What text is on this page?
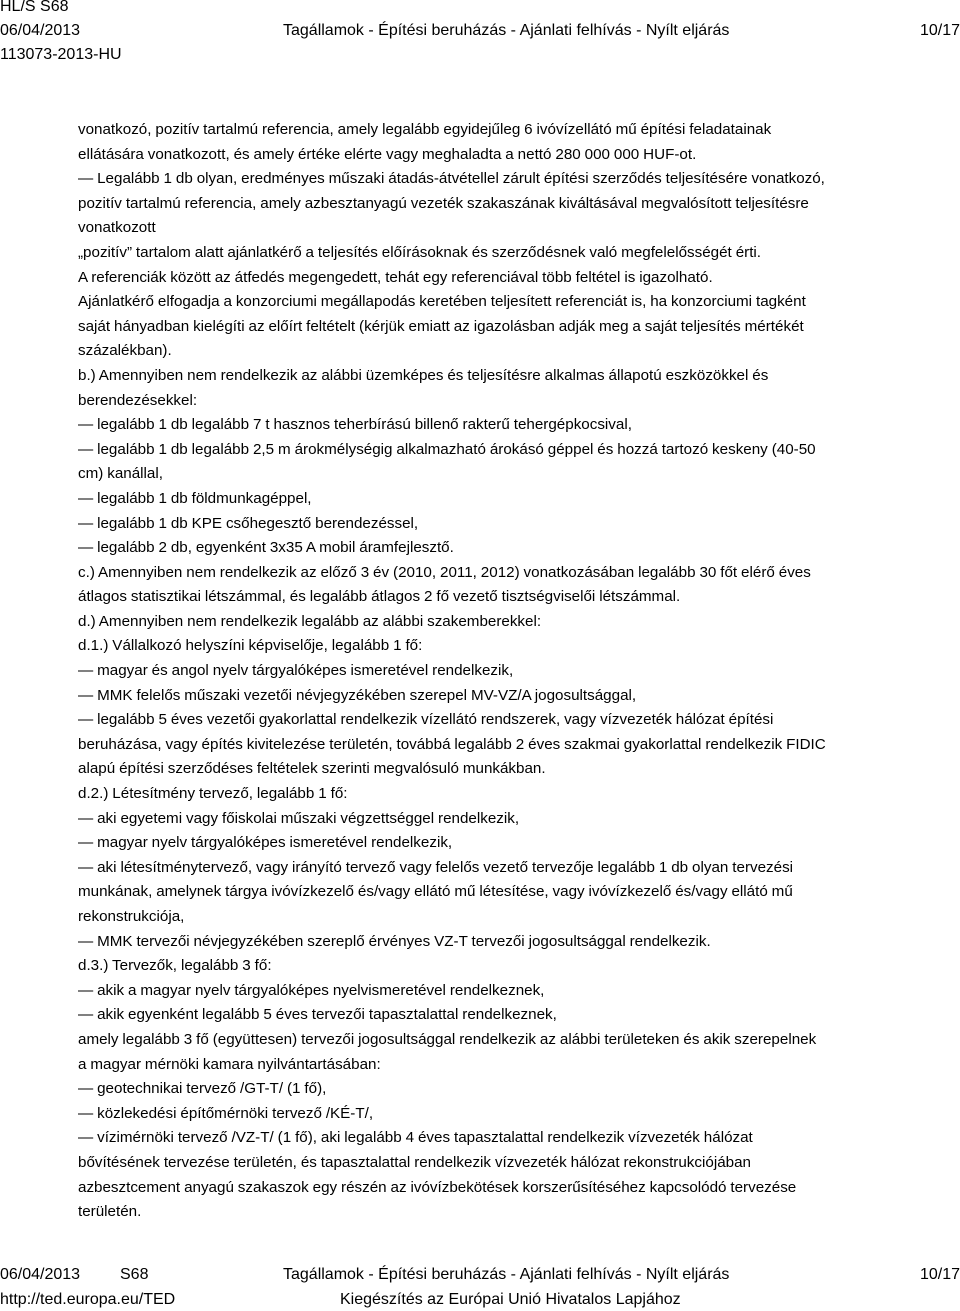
HL/S S68
06/04/2013	Tagállamok - Építési beruházás - Ajánlati felhívás - Nyílt eljárás	10/17
113073-2013-HU

vonatkozó, pozitív tartalmú referencia, amely legalább egyidejűleg 6 ivóvízellátó mű építési feladatainak

ellátására vonatkozott, és amely értéke elérte vagy meghaladta a nettó 280 000 000 HUF-ot.

— Legalább 1 db olyan, eredményes műszaki átadás-átvétellel zárult építési szerződés teljesítésére vonatkozó,

pozitív tartalmú referencia, amely azbesztanyagú vezeték szakaszának kiváltásával megvalósított teljesítésre

vonatkozott

„pozitív” tartalom alatt ajánlatkérő a teljesítés előírásoknak és szerződésnek való megfelelősségét érti.

A referenciák között az átfedés megengedett, tehát egy referenciával több feltétel is igazolható.

Ajánlatkérő elfogadja a konzorciumi megállapodás keretében teljesített referenciát is, ha konzorciumi tagként

saját hányadban kielégíti az előírt feltételt (kérjük emiatt az igazolásban adják meg a saját teljesítés mértékét

százalékban).

b.) Amennyiben nem rendelkezik az alábbi üzemképes és teljesítésre alkalmas állapotú eszközökkel és

berendezésekkel:

— legalább 1 db legalább 7 t hasznos teherbírású billenő rakterű tehergépkocsival,

— legalább 1 db legalább 2,5 m árokmélységig alkalmazható árokásó géppel és hozzá tartozó keskeny (40-50

cm) kanállal,

— legalább 1 db földmunkagéppel,

— legalább 1 db KPE csőhegesztő berendezéssel,

— legalább 2 db, egyenként 3x35 A mobil áramfejlesztő.

c.) Amennyiben nem rendelkezik az előző 3 év (2010, 2011, 2012) vonatkozásában legalább 30 főt elérő éves

átlagos statisztikai létszámmal, és legalább átlagos 2 fő vezető tisztségviselői létszámmal.

d.) Amennyiben nem rendelkezik legalább az alábbi szakemberekkel:

d.1.) Vállalkozó helyszíni képviselője, legalább 1 fő:

— magyar és angol nyelv tárgyalóképes ismeretével rendelkezik,

— MMK felelős műszaki vezetői névjegyzékében szerepel MV-VZ/A jogosultsággal,

— legalább 5 éves vezetői gyakorlattal rendelkezik vízellátó rendszerek, vagy vízvezeték hálózat építési

beruházása, vagy építés kivitelezése területén, továbbá legalább 2 éves szakmai gyakorlattal rendelkezik FIDIC

alapú építési szerződéses feltételek szerinti megvalósuló munkákban.

d.2.) Létesítmény tervező, legalább 1 fő:

— aki egyetemi vagy főiskolai műszaki végzettséggel rendelkezik,

— magyar nyelv tárgyalóképes ismeretével rendelkezik,

— aki létesítménytervező, vagy irányító tervező vagy felelős vezető tervezője legalább 1 db olyan tervezési

munkának, amelynek tárgya ivóvízkezelő és/vagy ellátó mű létesítése, vagy ivóvízkezelő és/vagy ellátó mű

rekonstrukciója,

— MMK tervezői névjegyzékében szereplő érvényes VZ-T tervezői jogosultsággal rendelkezik.

d.3.) Tervezők, legalább 3 fő:

— akik a magyar nyelv tárgyalóképes nyelvismeretével rendelkeznek,

— akik egyenként legalább 5 éves tervezői tapasztalattal rendelkeznek,

amely legalább 3 fő (együttesen) tervezői jogosultsággal rendelkezik az alábbi területeken és akik szerepelnek

a magyar mérnöki kamara nyilvántartásában:

— geotechnikai tervező /GT-T/ (1 fő),

— közlekedési építőmérnöki tervező /KÉ-T/,

— vízimérnöki tervező /VZ-T/ (1 fő), aki legalább 4 éves tapasztalattal rendelkezik vízvezeték hálózat

bővítésének tervezése területén, és tapasztalattal rendelkezik vízvezeték hálózat rekonstrukciójában

azbesztcement anyagú szakaszok egy részén az ivóvízbekötések korszerűsítéséhez kapcsolódó tervezése

területén.

06/04/2013 S68	Tagállamok - Építési beruházás - Ajánlati felhívás - Nyílt eljárás	10/17
http://ted.europa.eu/TED	Kiegészítés az Európai Unió Hivatalos Lapjához
